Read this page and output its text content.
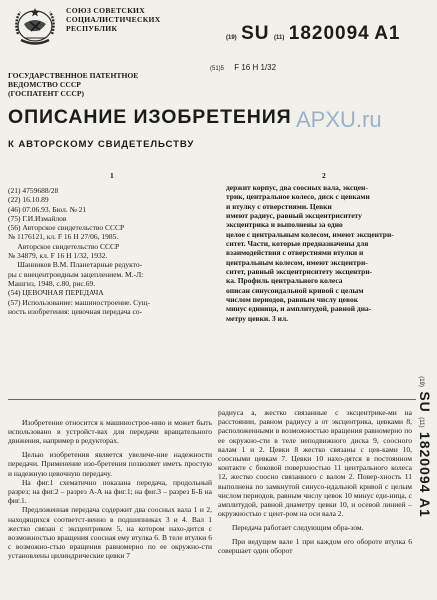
СОЮЗ СОВЕТСКИХ
СОЦИАЛИСТИЧЕСКИХ
РЕСПУБЛИК
(19) SU (11) 1820094 A1
(51)5 F 16 H 1/32
ГОСУДАРСТВЕННОЕ ПАТЕНТНОЕ
ВЕДОМСТВО СССР
(ГОСПАТЕНТ СССР)
ОПИСАНИЕ ИЗОБРЕТЕНИЯ APXU.ru
К АВТОРСКОМУ СВИДЕТЕЛЬСТВУ
1	2
(21) 4759688/28
(22) 16.10.89
(46) 07.06.93. Бюл. № 21
(75) Г.И.Измайлов
(56) Авторское свидетельство СССР
№ 1176121, кл. F 16 H 27/06, 1985.
Авторское свидетельство СССР
№ 34879, кл. F 16 H 1/32, 1932.
Шанников В.М. Планетарные редукто-
ры с внецентроидным зацеплением. М.-Л:
Машгиз, 1948, с.80, рис.69.
(54) ЦЕВОЧНАЯ ПЕРЕДАЧА
(57) Использование: машиностроение. Сущ-
ность изобретения: цевочная передача со-
держит корпус, два соосных вала, эксцен-
трик, центральное колесо, диск с цевками
и втулку с отверстиями. Цевки
имеют радиус, равный эксцентриситету
эксцентрика и выполнены за одно
целое с центральным колесом, имеют эксцентри-
ситет. Части, которые предназначены для
взаимодействия с отверстиями втулки и
центральным колесом, имеют эксцентри-
ситет, равный эксцентриситету эксцентри-
ка. Профиль центрального колеса
описан синусоидальной кривой с целым
числом периодов, равным числу цевок
минус единица, и амплитудой, равной диа-
метру цевки. 3 ил.
(19) SU (11) 1820094 A1

Изобретение относится к машинострое-нию и может быть использовано в устройст-вах для передачи вращательного движения, например в редукторах.

Целью изобретения является увеличе-ние надежности передачи. Применение изо-бретения позволяет иметь простую и надежную цевочную передачу.

На фиг.1 схематично показана передача, продольный разрез; на фиг.2 – разрез А-А на фиг.1; на фиг.3 – разрез Б-Б на фиг.1.

Предложенная передача содержит два соосных вала 1 и 2, находящихся соответст-венно в подшипниках 3 и 4. Вал 1 жестко связан с эксцентриком 5, на котором нахо-дится с возможностью вращения соосная ему втулка 6. В теле втулки 6 с возможно-стью вращения равномерно по ее окружно-сти установлены цилиндрические цевки 7

радиуса а, жестко связанные с эксцентрике-ми на расстоянии, равном радиусу а от эксцентрика, цевками 8, расположенными в возможностью вращения равномерно по ее окружно-сти в теле неподвижного диска 9, соосного валам 1 и 2. Цевки 8 жестко связаны с цев-ками 10, соосными цевкам 7. Цевки 10 нахо-дятся в постоянном контакте с боковой поверхностью 11 центрального колеса 12, жестко соосно связанного с валом 2. Повер-хность 11 выполнена по замкнутой синусо-идальной кривой с целым числом периодов, равным числу цевок 10 минус еди-ница, с амплитудой, равной диаметру цевки 10, и осевой линией – окружностью с цент-ром на оси вала 2.

Передача работает следующим обра-зом.

При ведущем вале 1 при каждом его обороте втулка 6 совершает один оборот
